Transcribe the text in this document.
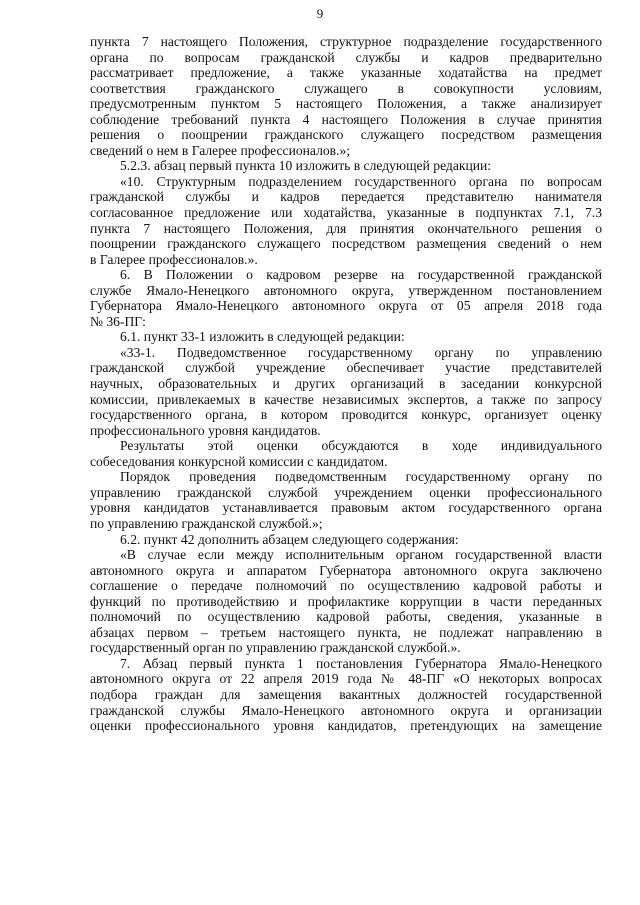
9
пункта 7 настоящего Положения, структурное подразделение государственного
органа по вопросам гражданской службы и кадров предварительно
рассматривает предложение, а также указанные ходатайства на предмет
соответствия гражданского служащего в совокупности условиям,
предусмотренным пунктом 5 настоящего Положения, а также анализирует
соблюдение требований пункта 4 настоящего Положения в случае принятия
решения о поощрении гражданского служащего посредством размещения
сведений о нем в Галерее профессионалов.»;
5.2.3. абзац первый пункта 10 изложить в следующей редакции:
«10. Структурным подразделением государственного органа по вопросам
гражданской службы и кадров передается представителю нанимателя
согласованное предложение или ходатайства, указанные в подпунктах 7.1, 7.3
пункта 7 настоящего Положения, для принятия окончательного решения о
поощрении гражданского служащего посредством размещения сведений о нем
в Галерее профессионалов.».
6. В Положении о кадровом резерве на государственной гражданской
службе Ямало-Ненецкого автономного округа, утвержденном постановлением
Губернатора Ямало-Ненецкого автономного округа от 05 апреля 2018 года
№ 36-ПГ:
6.1. пункт 33-1 изложить в следующей редакции:
«33-1. Подведомственное государственному органу по управлению
гражданской службой учреждение обеспечивает участие представителей
научных, образовательных и других организаций в заседании конкурсной
комиссии, привлекаемых в качестве независимых экспертов, а также по запросу
государственного органа, в котором проводится конкурс, организует оценку
профессионального уровня кандидатов.
Результаты этой оценки обсуждаются в ходе индивидуального
собеседования конкурсной комиссии с кандидатом.
Порядок проведения подведомственным государственному органу по
управлению гражданской службой учреждением оценки профессионального
уровня кандидатов устанавливается правовым актом государственного органа
по управлению гражданской службой.»;
6.2. пункт 42 дополнить абзацем следующего содержания:
«В случае если между исполнительным органом государственной власти
автономного округа и аппаратом Губернатора автономного округа заключено
соглашение о передаче полномочий по осуществлению кадровой работы и
функций по противодействию и профилактике коррупции в части переданных
полномочий по осуществлению кадровой работы, сведения, указанные в
абзацах первом – третьем настоящего пункта, не подлежат направлению в
государственный орган по управлению гражданской службой.».
7. Абзац первый пункта 1 постановления Губернатора Ямало-Ненецкого
автономного округа от 22 апреля 2019 года № 48-ПГ «О некоторых вопросах
подбора граждан для замещения вакантных должностей государственной
гражданской службы Ямало-Ненецкого автономного округа и организации
оценки профессионального уровня кандидатов, претендующих на замещение
